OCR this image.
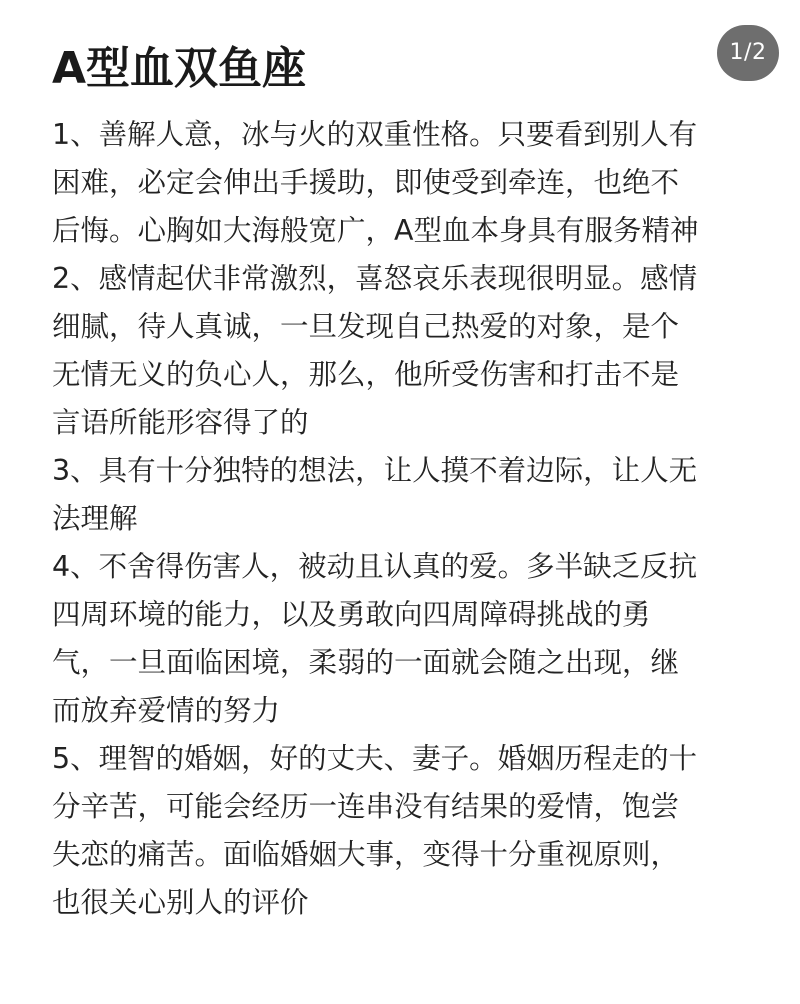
1/2
A型血双鱼座
1、善解人意，冰与火的双重性格。只要看到别人有
困难，必定会伸出手援助，即使受到牵连，也绝不
后悔。心胸如大海般宽广，A型血本身具有服务精神
2、感情起伏非常激烈，喜怒哀乐表现很明显。感情
细腻，待人真诚，一旦发现自己热爱的对象，是个
无情无义的负心人，那么，他所受伤害和打击不是
言语所能形容得了的
3、具有十分独特的想法，让人摸不着边际，让人无
法理解
4、不舍得伤害人，被动且认真的爱。多半缺乏反抗
四周环境的能力，以及勇敢向四周障碍挑战的勇
气，一旦面临困境，柔弱的一面就会随之出现，继
而放弃爱情的努力
5、理智的婚姻，好的丈夫、妻子。婚姻历程走的十
分辛苦，可能会经历一连串没有结果的爱情，饱尝
失恋的痛苦。面临婚姻大事，变得十分重视原则，
也很关心别人的评价
